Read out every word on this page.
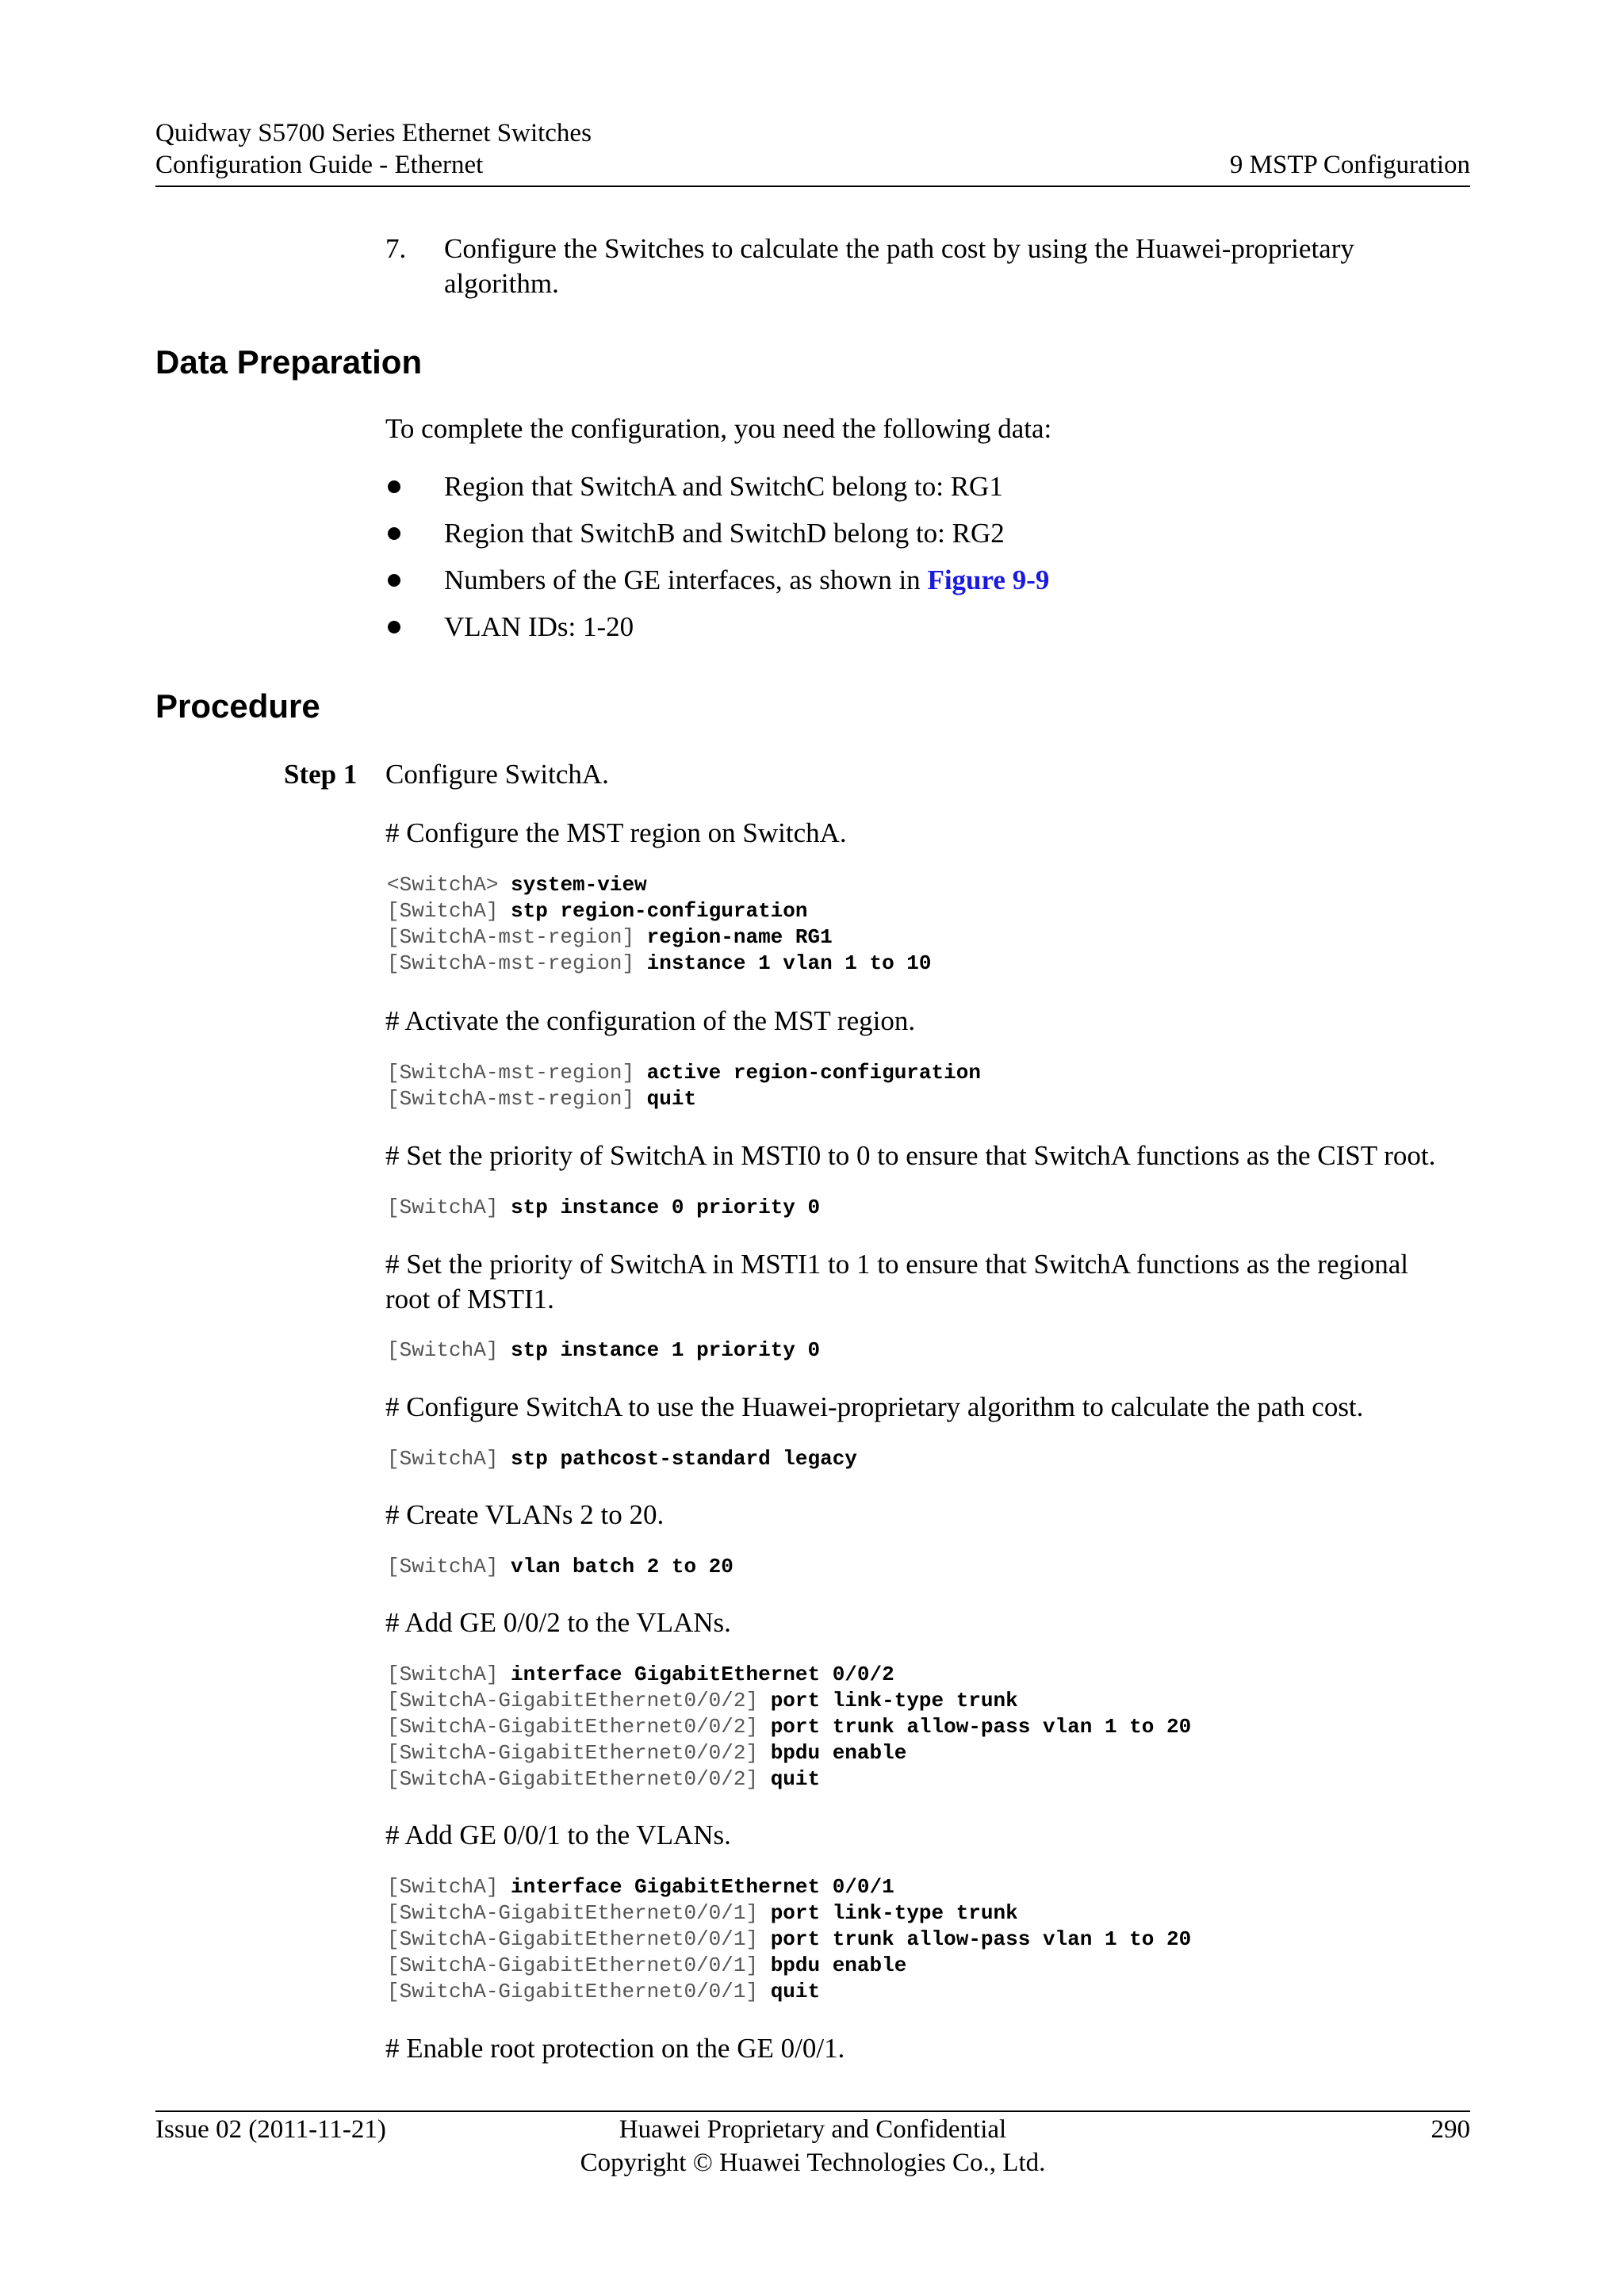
Quidway S5700 Series Ethernet Switches
Configuration Guide - Ethernet	9 MSTP Configuration
7. Configure the Switches to calculate the path cost by using the Huawei-proprietary
algorithm.
Data Preparation
To complete the configuration, you need the following data:
Region that SwitchA and SwitchC belong to: RG1
Region that SwitchB and SwitchD belong to: RG2
Numbers of the GE interfaces, as shown in Figure 9-9
VLAN IDs: 1-20
Procedure
Step 1 Configure SwitchA.
# Configure the MST region on SwitchA.
<SwitchA> system-view
[SwitchA] stp region-configuration
[SwitchA-mst-region] region-name RG1
[SwitchA-mst-region] instance 1 vlan 1 to 10
# Activate the configuration of the MST region.
[SwitchA-mst-region] active region-configuration
[SwitchA-mst-region] quit
# Set the priority of SwitchA in MSTI0 to 0 to ensure that SwitchA functions as the CIST root.
[SwitchA] stp instance 0 priority 0
# Set the priority of SwitchA in MSTI1 to 1 to ensure that SwitchA functions as the regional
root of MSTI1.
[SwitchA] stp instance 1 priority 0
# Configure SwitchA to use the Huawei-proprietary algorithm to calculate the path cost.
[SwitchA] stp pathcost-standard legacy
# Create VLANs 2 to 20.
[SwitchA] vlan batch 2 to 20
# Add GE 0/0/2 to the VLANs.
[SwitchA] interface GigabitEthernet 0/0/2
[SwitchA-GigabitEthernet0/0/2] port link-type trunk
[SwitchA-GigabitEthernet0/0/2] port trunk allow-pass vlan 1 to 20
[SwitchA-GigabitEthernet0/0/2] bpdu enable
[SwitchA-GigabitEthernet0/0/2] quit
# Add GE 0/0/1 to the VLANs.
[SwitchA] interface GigabitEthernet 0/0/1
[SwitchA-GigabitEthernet0/0/1] port link-type trunk
[SwitchA-GigabitEthernet0/0/1] port trunk allow-pass vlan 1 to 20
[SwitchA-GigabitEthernet0/0/1] bpdu enable
[SwitchA-GigabitEthernet0/0/1] quit
# Enable root protection on the GE 0/0/1.
Issue 02 (2011-11-21)	Huawei Proprietary and Confidential
Copyright © Huawei Technologies Co., Ltd.
290
